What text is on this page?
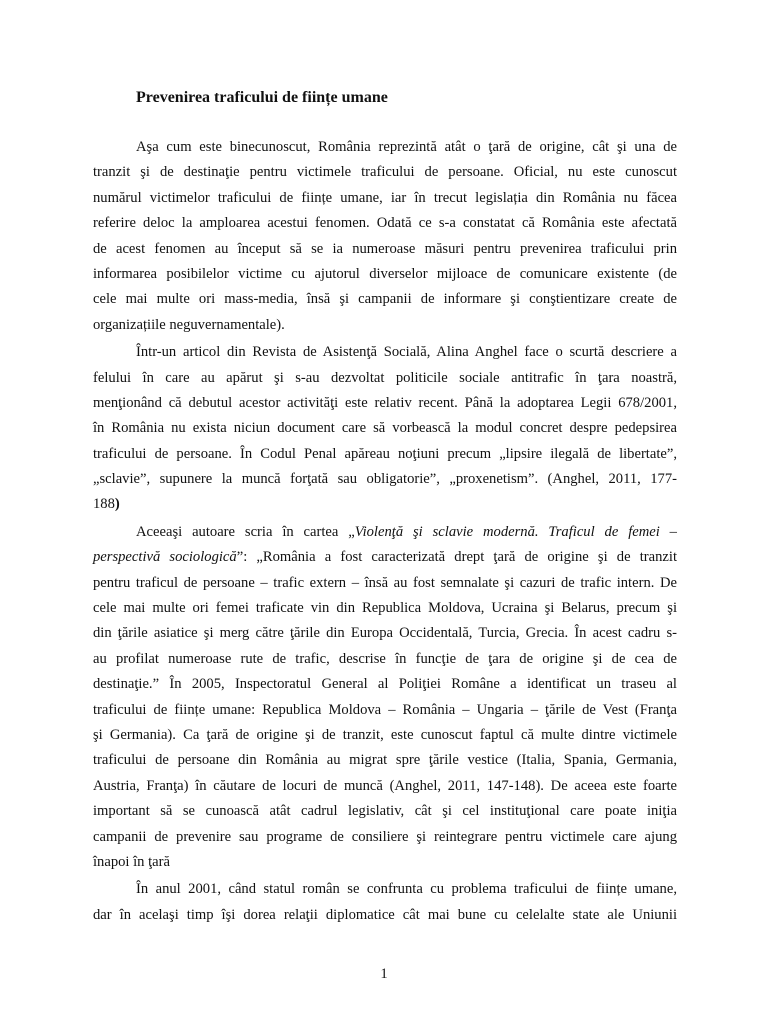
Prevenirea traficului de ființe umane
Aşa cum este binecunoscut, România reprezintă atât o ţară de origine, cât şi una de
tranzit şi de destinaţie pentru victimele traficului de persoane. Oficial, nu este cunoscut
numărul victimelor traficului de ființe umane, iar în trecut legislația din România nu făcea
referire deloc la amploarea acestui fenomen. Odată ce s-a constatat că România este afectată
de acest fenomen au început să se ia numeroase măsuri pentru prevenirea traficului prin
informarea posibilelor victime cu ajutorul diverselor mijloace de comunicare existente (de
cele mai multe ori mass-media, însă şi campanii de informare şi conştientizare create de
organizațiile neguvernamentale).
Într-un articol din Revista de Asistenţă Socială, Alina Anghel face o scurtă descriere a
felului în care au apărut şi s-au dezvoltat politicile sociale antitrafic în ţara noastră,
menţionând că debutul acestor activităţi este relativ recent. Până la adoptarea Legii 678/2001,
în România nu exista niciun document care să vorbească la modul concret despre pedepsirea
traficului de persoane. În Codul Penal apăreau noţiuni precum „lipsire ilegală de libertate”,
„sclavie”, supunere la muncă forţată sau obligatorie”, „proxenetism”. (Anghel, 2011, 177-
188)
Aceeaşi autoare scria în cartea „Violenţă şi sclavie modernă. Traficul de femei –
perspectivă sociologică”: „România a fost caracterizată drept ţară de origine şi de tranzit
pentru traficul de persoane – trafic extern – însă au fost semnalate şi cazuri de trafic intern. De
cele mai multe ori femei traficate vin din Republica Moldova, Ucraina şi Belarus, precum şi
din ţările asiatice şi merg către ţările din Europa Occidentală, Turcia, Grecia. În acest cadru s-
au profilat numeroase rute de trafic, descrise în funcţie de ţara de origine şi de cea de
destinaţie.” În 2005, Inspectoratul General al Poliţiei Române a identificat un traseu al
traficului de ființe umane: Republica Moldova – România – Ungaria – ţările de Vest (Franţa
şi Germania). Ca ţară de origine şi de tranzit, este cunoscut faptul că multe dintre victimele
traficului de persoane din România au migrat spre ţările vestice (Italia, Spania, Germania,
Austria, Franţa) în căutare de locuri de muncă (Anghel, 2011, 147-148). De aceea este foarte
important să se cunoască atât cadrul legislativ, cât şi cel instituţional care poate iniţia
campanii de prevenire sau programe de consiliere şi reintegrare pentru victimele care ajung
înapoi în ţară
În anul 2001, când statul român se confrunta cu problema traficului de ființe umane,
dar în acelaşi timp îşi dorea relaţii diplomatice cât mai bune cu celelalte state ale Uniunii
1
